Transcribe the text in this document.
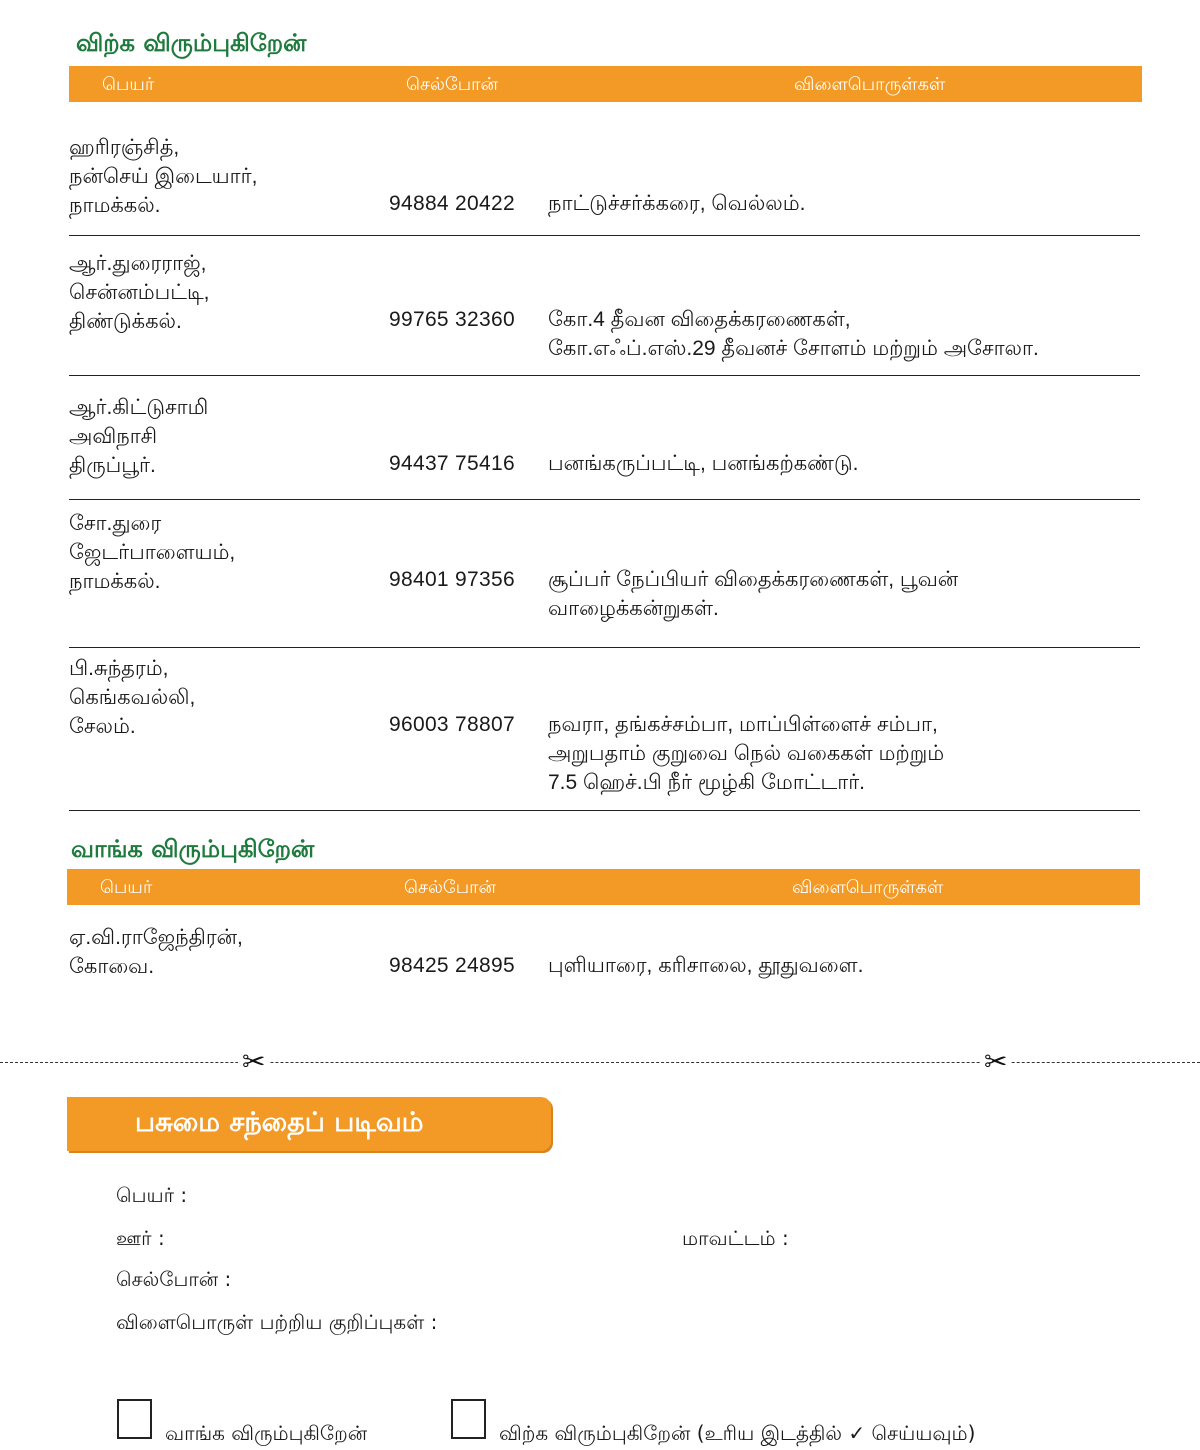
விற்க விரும்புகிறேன்
பெயர்	செல்போன்	விளைபொருள்கள்
ஹரிரஞ்சித்,
நன்செய் இடையார்,
நாமக்கல்.	94884 20422 நாட்டுச்சர்க்கரை, வெல்லம்.
ஆர்.துரைராஜ்,
சென்னம்பட்டி,
திண்டுக்கல்.	99765 32360 கோ.4 தீவன விதைக்கரணைகள்,
கோ.எஃப்.எஸ்.29 தீவனச் சோளம் மற்றும் அசோலா.
ஆர்.கிட்டுசாமி
அவிநாசி
திருப்பூர்.	94437 75416 பனங்கருப்பட்டி, பனங்கற்கண்டு.
சோ.துரை
ஜேடர்பாளையம்,
நாமக்கல்.	98401 97356 சூப்பர் நேப்பியர் விதைக்கரணைகள், பூவன்
வாழைக்கன்றுகள்.
பி.சுந்தரம்,
கெங்கவல்லி,
சேலம்.	96003 78807 நவரா, தங்கச்சம்பா, மாப்பிள்ளைச் சம்பா,
அறுபதாம் குறுவை நெல் வகைகள் மற்றும்
7.5 ஹெச்.பி நீர் மூழ்கி மோட்டார்.
வாங்க விரும்புகிறேன்
பெயர்	செல்போன்	விளைபொருள்கள்
ஏ.வி.ராஜேந்திரன்,
கோவை.	98425 24895 புளியாரை, கரிசாலை, தூதுவளை.
✂	✂
பசுமை சந்தைப் படிவம்
பெயர் :
ஊர் :	மாவட்டம் :
செல்போன் :
விளைபொருள் பற்றிய குறிப்புகள் :
வாங்க விரும்புகிறேன்	விற்க விரும்புகிறேன் (உரிய இடத்தில் ✓ செய்யவும்)
